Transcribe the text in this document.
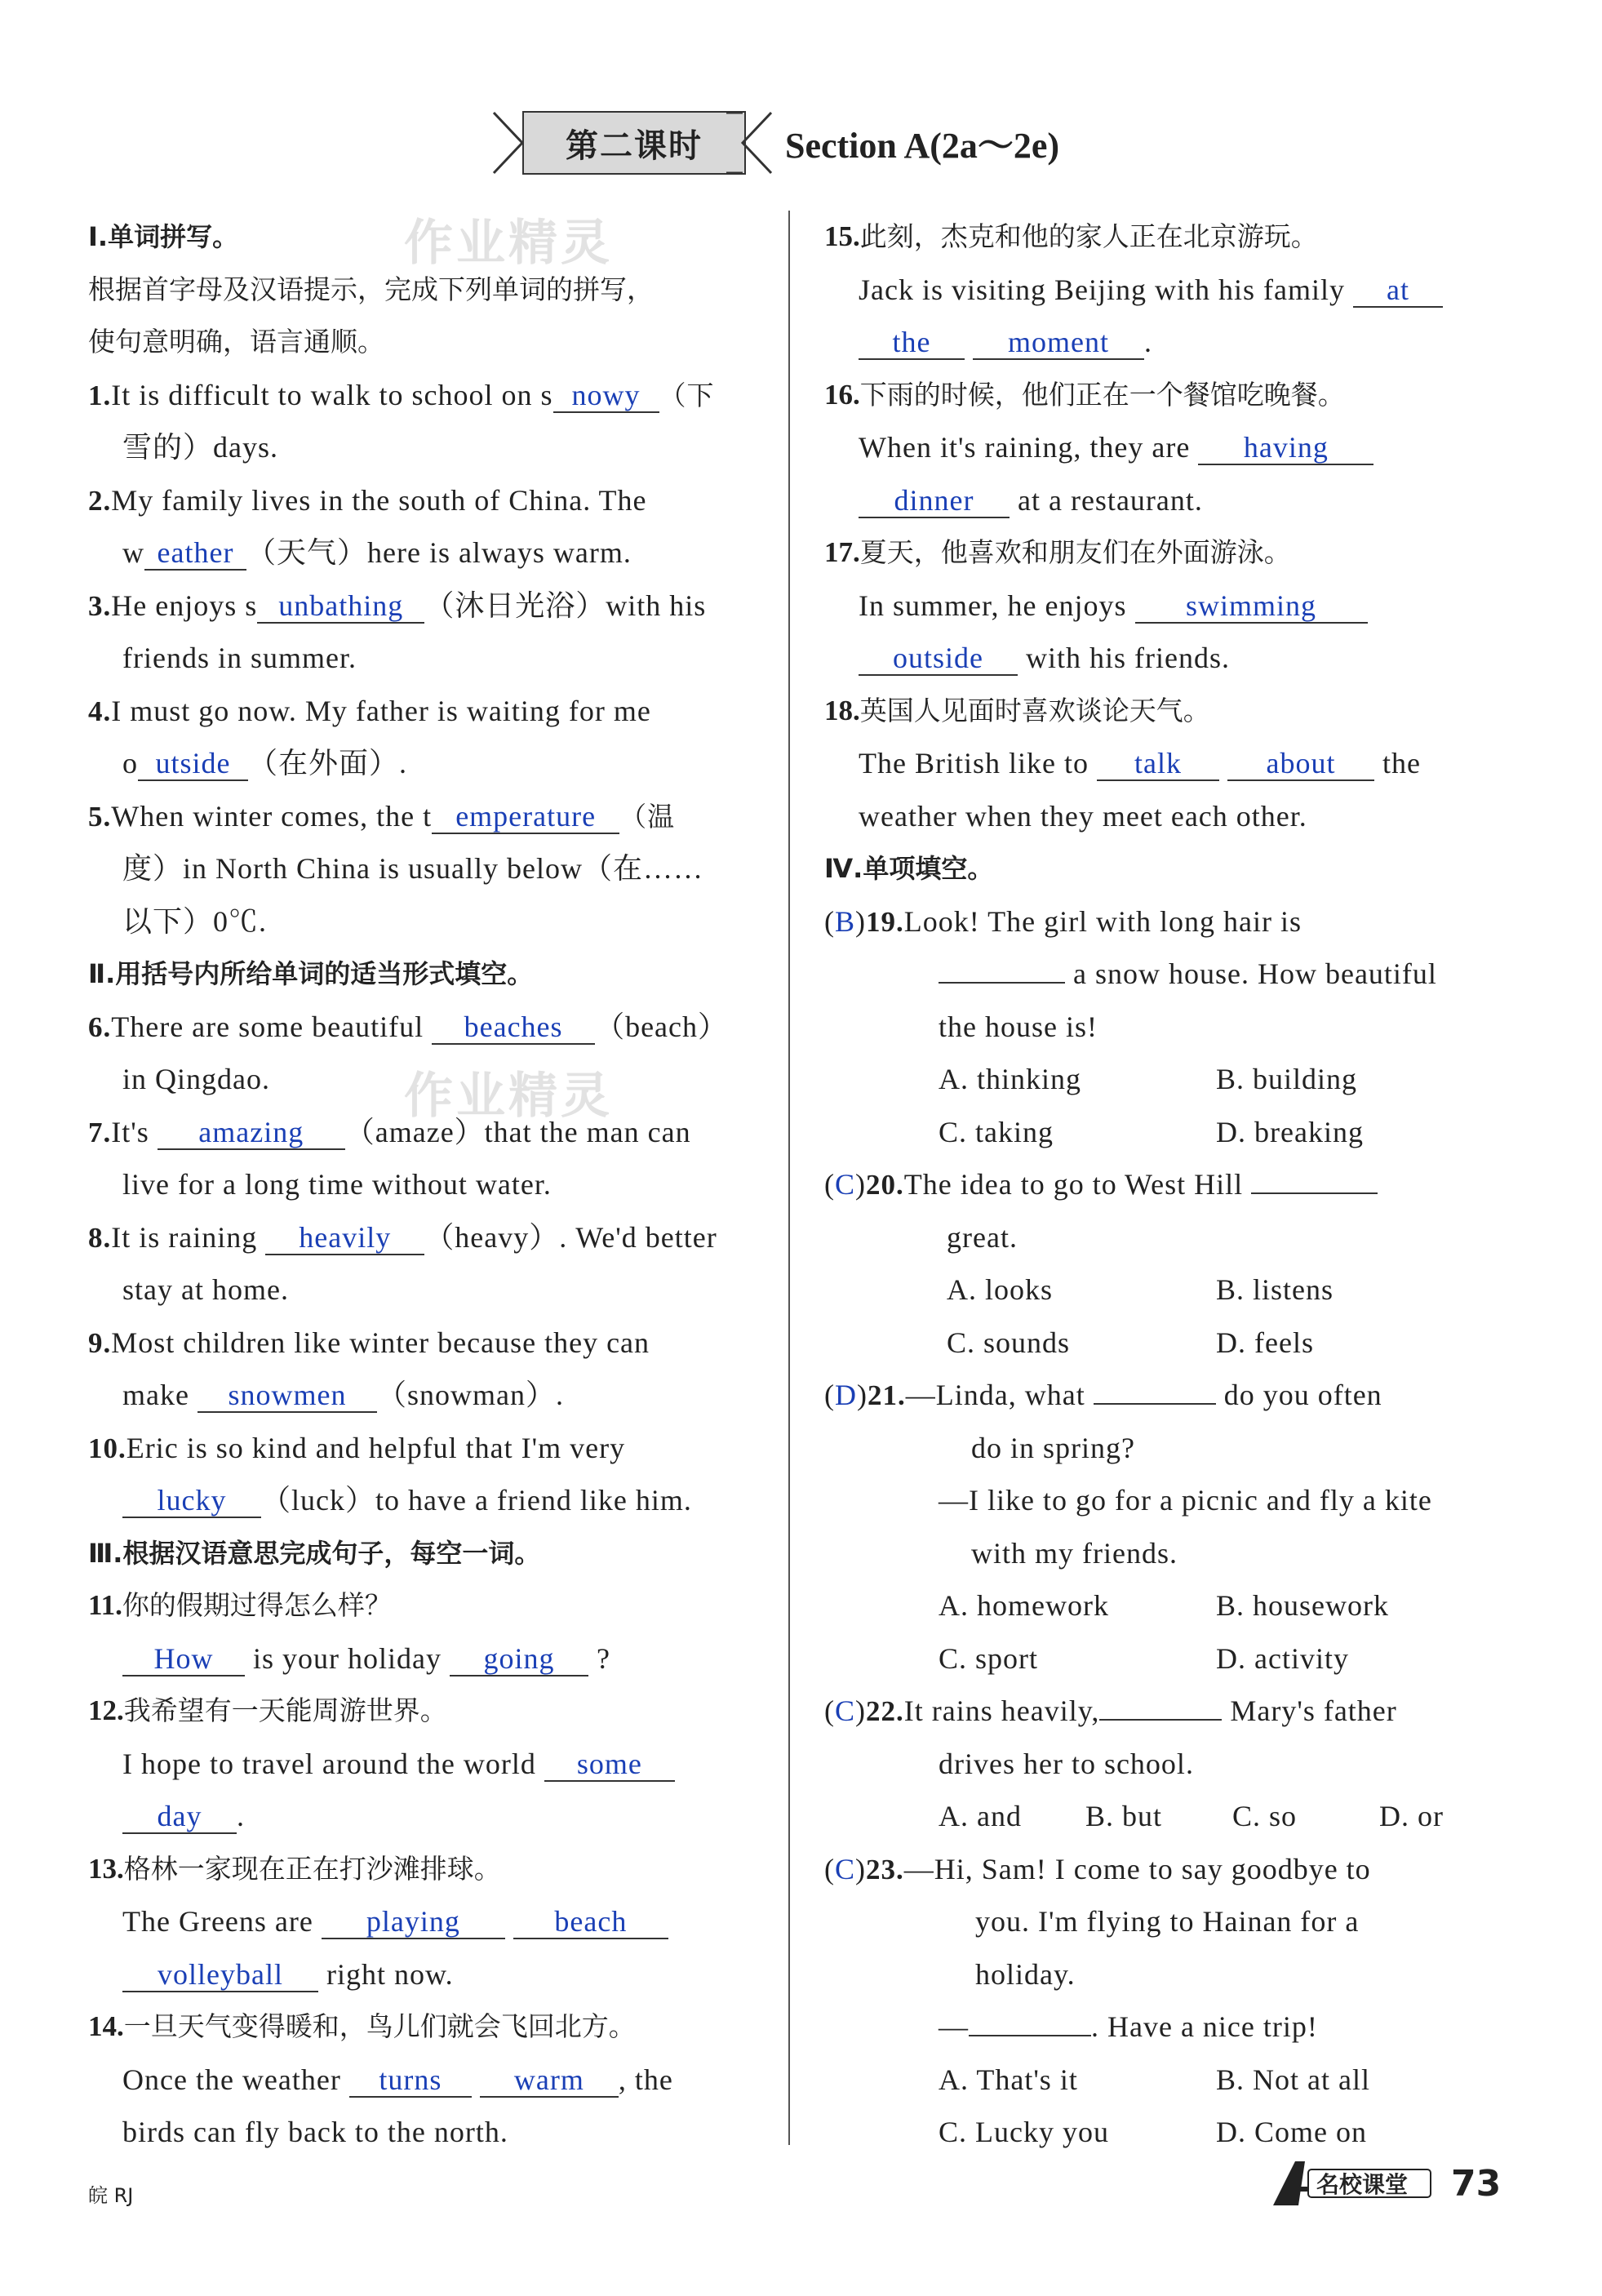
第二课时	Section A(2a～2e)
作业精灵
作业精灵
Ⅰ.单词拼写。
根据首字母及汉语提示，完成下列单词的拼写，
使句意明确，语言通顺。
1.It is difficult to walk to school on s nowy （下
雪的）days.
2.My family lives in the south of China. The
w eather （天气）here is always warm.
3.He enjoys s unbathing （沐日光浴）with his
friends in summer.
4.I must go now. My father is waiting for me
o utside （在外面）.
5.When winter comes, the t emperature （温
度）in North China is usually below（在……
以下）0℃.
Ⅱ.用括号内所给单词的适当形式填空。
6.There are some beautiful beaches （beach）
in Qingdao.
7.It's amazing （amaze）that the man can
live for a long time without water.
8.It is raining heavily （heavy）. We'd better
stay at home.
9.Most children like winter because they can
make snowmen （snowman）.
10.Eric is so kind and helpful that I'm very
lucky （luck）to have a friend like him.
Ⅲ.根据汉语意思完成句子，每空一词。
11.你的假期过得怎么样？
How is your holiday going ?
12.我希望有一天能周游世界。
I hope to travel around the world some
day .
13.格林一家现在正在打沙滩排球。
The Greens are playing	beach
volleyball right now.
14.一旦天气变得暖和，鸟儿们就会飞回北方。
Once the weather turns warm , the
birds can fly back to the north.
15.此刻，杰克和他的家人正在北京游玩。
Jack is visiting Beijing with his family at
the	moment .
16.下雨的时候，他们正在一个餐馆吃晚餐。
When it's raining, they are having
dinner at a restaurant.
17.夏天，他喜欢和朋友们在外面游泳。
In summer, he enjoys swimming
outside with his friends.
18.英国人见面时喜欢谈论天气。
The British like to talk	about the
weather when they meet each other.
Ⅳ.单项填空。
(B)19.Look! The girl with long hair is
a snow house. How beautiful
the house is!
A. thinking	B. building
C. taking	D. breaking
(C)20.The idea to go to West Hill
great.
A. looks	B. listens
C. sounds	D. feels
(D)21.—Linda, what	do you often
do in spring?
—I like to go for a picnic and fly a kite
with my friends.
A. homework	B. housework
C. sport	D. activity
(C)22.It rains heavily,	Mary's father
drives her to school.
A. and	B. but	C. so	D. or
(C)23.—Hi, Sam! I come to say goodbye to
you. I'm flying to Hainan for a
holiday.
—	. Have a nice trip!
A. That's it	B. Not at all
C. Lucky you	D. Come on
皖 RJ	名校课堂 73
